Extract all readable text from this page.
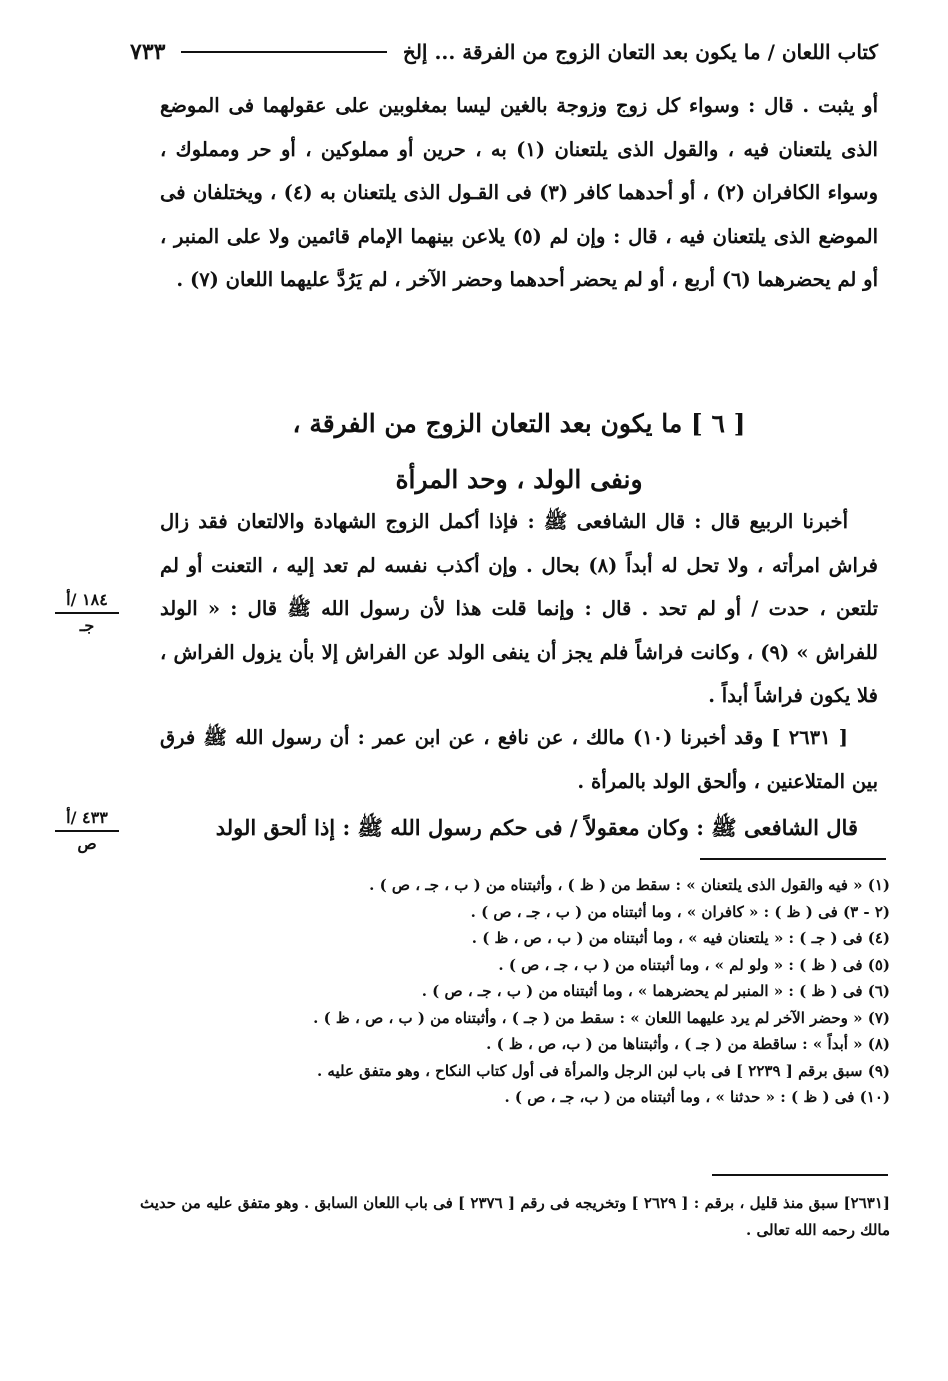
كتاب اللعان / ما يكون بعد التعان الزوج من الفرقة ... إلخ
٧٣٣
أو يثبت . قال : وسواء كل زوج وزوجة بالغين ليسا بمغلوبين على عقولهما فى الموضع الذى يلتعنان فيه ، والقول الذى يلتعنان (١) به ، حرين أو مملوكين ، أو حر ومملوك ، وسواء الكافران (٢) ، أو أحدهما كافر (٣) فى القـول الذى يلتعنان به (٤) ، ويختلفان فى الموضع الذى يلتعنان فيه ، قال : وإن لم (٥) يلاعن بينهما الإمام قائمين ولا على المنبر ، أو لم يحضرهما (٦) أربع ، أو لم يحضر أحدهما وحضر الآخر ، لم يَرُدَّ عليهما اللعان (٧) .
[ ٦ ] ما يكون بعد التعان الزوج من الفرقة ،
ونفى الولد ، وحد المرأة
أخبرنا الربيع قال : قال الشافعى ﷺ : فإذا أكمل الزوج الشهادة والالتعان فقد زال فراش امرأته ، ولا تحل له أبداً (٨) بحال . وإن أكذب نفسه لم تعد إليه ، التعنت أو لم تلتعن ، حدت / أو لم تحد . قال : وإنما قلت هذا لأن رسول الله ﷺ قال : « الولد للفراش » (٩) ، وكانت فراشاً فلم يجز أن ينفى الولد عن الفراش إلا بأن يزول الفراش ، فلا يكون فراشاً أبداً .
[ ٢٦٣١ ] وقد أخبرنا (١٠) مالك ، عن نافع ، عن ابن عمر : أن رسول الله ﷺ فرق بين المتلاعنين ، وألحق الولد بالمرأة .
قال الشافعى ﷺ : وكان معقولاً / فى حكم رسول الله ﷺ : إذا ألحق الولد
١٨٤ /أ
جـ
٤٣٣ /أ
ص
(١) « فيه والقول الذى يلتعنان » : سقط من ( ظ ) ، وأثبتناه من ( ب ، جـ ، ص ) .
(٢ - ٣) فى ( ظ ) : « كافران » ، وما أثبتناه من ( ب ، جـ ، ص ) .
(٤) فى ( جـ ) : « يلتعنان فيه » ، وما أثبتناه من ( ب ، ص ، ظ ) .
(٥) فى ( ظ ) : « ولو لم » ، وما أثبتناه من ( ب ، جـ ، ص ) .
(٦) فى ( ظ ) : « المنبر لم يحضرهما » ، وما أثبتناه من ( ب ، جـ ، ص ) .
(٧) « وحضر الآخر لم يرد عليهما اللعان » : سقط من ( جـ ) ، وأثبتناه من ( ب ، ص ، ظ ) .
(٨) « أبداً » : ساقطة من ( جـ ) ، وأثبتناها من ( ب، ص ، ظ ) .
(٩) سبق برقم [ ٢٢٣٩ ] فى باب لبن الرجل والمرأة فى أول كتاب النكاح ، وهو متفق عليه .
(١٠) فى ( ظ ) : « حدثنا » ، وما أثبتناه من ( ب، جـ ، ص ) .
[٢٦٣١] سبق منذ قليل ، برقم : [ ٢٦٢٩ ] وتخريجه فى رقم [ ٢٣٧٦ ] فى باب اللعان السابق . وهو متفق عليه من حديث مالك رحمه الله تعالى .
